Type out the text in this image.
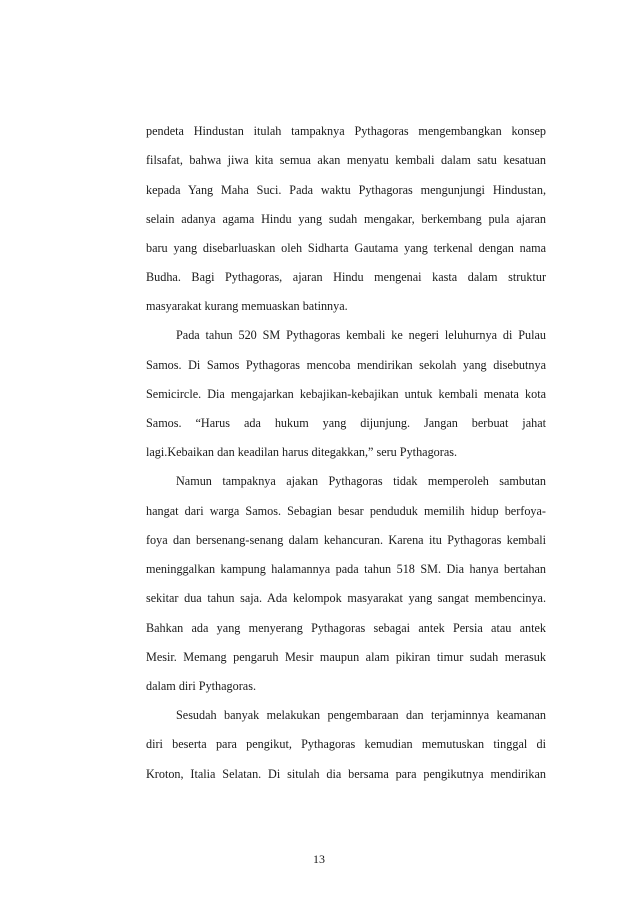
pendeta Hindustan itulah tampaknya Pythagoras mengembangkan konsep
filsafat, bahwa jiwa kita semua akan menyatu kembali dalam satu kesatuan
kepada Yang Maha Suci. Pada waktu Pythagoras mengunjungi Hindustan,
selain adanya agama Hindu yang sudah mengakar, berkembang pula ajaran
baru yang disebarluaskan oleh Sidharta Gautama yang terkenal dengan nama
Budha. Bagi Pythagoras, ajaran Hindu mengenai kasta dalam struktur
masyarakat kurang memuaskan batinnya.
Pada tahun 520 SM Pythagoras kembali ke negeri leluhurnya di Pulau
Samos. Di Samos Pythagoras mencoba mendirikan sekolah yang disebutnya
Semicircle. Dia mengajarkan kebajikan-kebajikan untuk kembali menata kota
Samos. “Harus ada hukum yang dijunjung. Jangan berbuat jahat
lagi.Kebaikan dan keadilan harus ditegakkan,” seru Pythagoras.
Namun tampaknya ajakan Pythagoras tidak memperoleh sambutan
hangat dari warga Samos. Sebagian besar penduduk memilih hidup berfoya-
foya dan bersenang-senang dalam kehancuran. Karena itu Pythagoras kembali
meninggalkan kampung halamannya pada tahun 518 SM. Dia hanya bertahan
sekitar dua tahun saja. Ada kelompok masyarakat yang sangat membencinya.
Bahkan ada yang menyerang Pythagoras sebagai antek Persia atau antek
Mesir. Memang pengaruh Mesir maupun alam pikiran timur sudah merasuk
dalam diri Pythagoras.
Sesudah banyak melakukan pengembaraan dan terjaminnya keamanan
diri beserta para pengikut, Pythagoras kemudian memutuskan tinggal di
Kroton, Italia Selatan. Di situlah dia bersama para pengikutnya mendirikan
13
